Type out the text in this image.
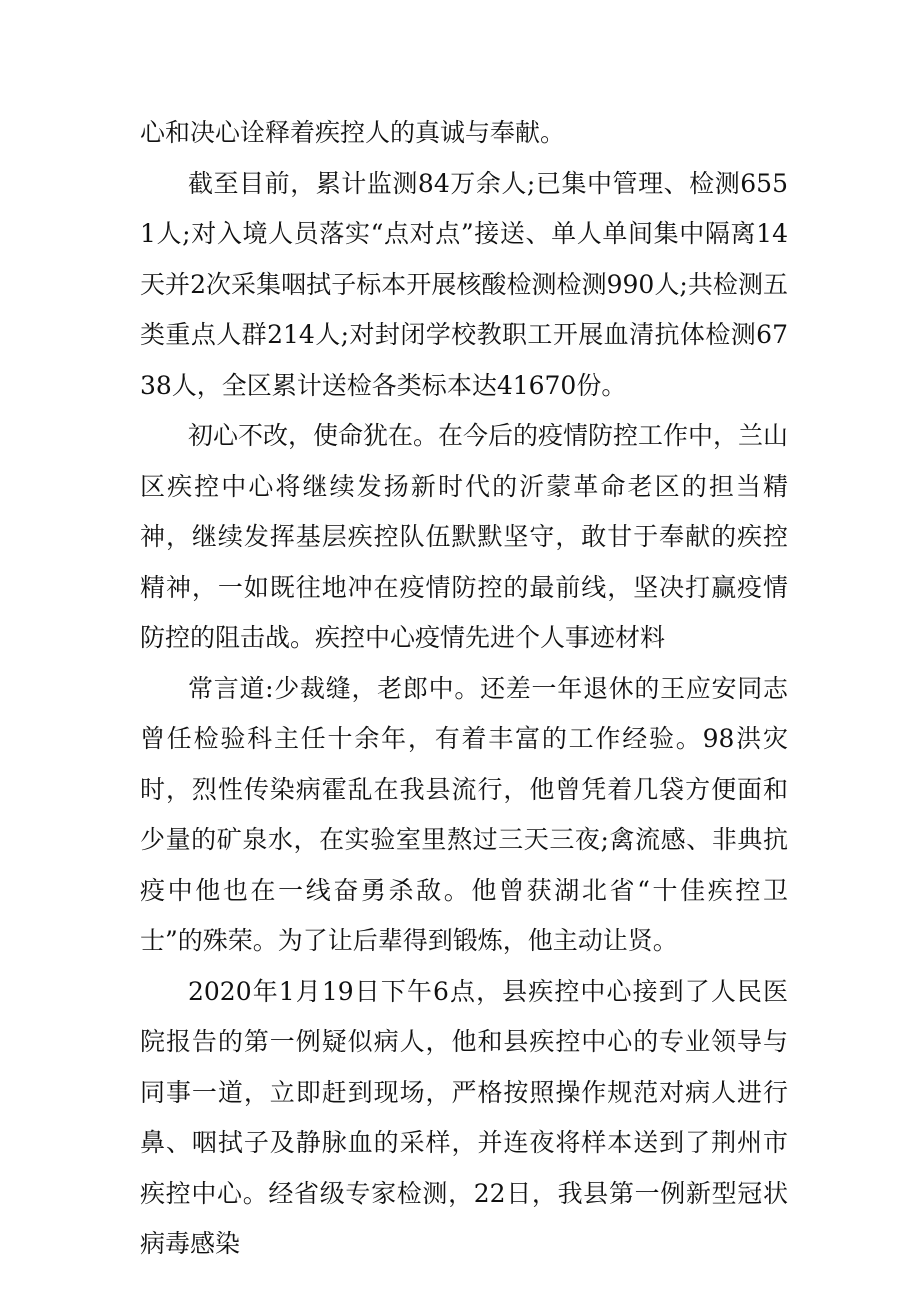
心和决心诠释着疾控人的真诚与奉献。

截至目前，累计监测84万余人;已集中管理、检测6551人;对入境人员落实“点对点”接送、单人单间集中隔离14天并2次采集咽拭子标本开展核酸检测检测990人;共检测五类重点人群214人;对封闭学校教职工开展血清抗体检测6738人，全区累计送检各类标本达41670份。

初心不改，使命犹在。在今后的疫情防控工作中，兰山区疾控中心将继续发扬新时代的沂蒙革命老区的担当精神，继续发挥基层疾控队伍默默坚守，敢甘于奉献的疾控精神，一如既往地冲在疫情防控的最前线，坚决打赢疫情防控的阻击战。疾控中心疫情先进个人事迹材料

常言道:少裁缝，老郎中。还差一年退休的王应安同志曾任检验科主任十余年，有着丰富的工作经验。98洪灾时，烈性传染病霍乱在我县流行，他曾凭着几袋方便面和少量的矿泉水，在实验室里熬过三天三夜;禽流感、非典抗疫中他也在一线奋勇杀敌。他曾获湖北省“十佳疾控卫士”的殊荣。为了让后辈得到锻炼，他主动让贤。

2020年1月19日下午6点，县疾控中心接到了人民医院报告的第一例疑似病人，他和县疾控中心的专业领导与同事一道，立即赶到现场，严格按照操作规范对病人进行鼻、咽拭子及静脉血的采样，并连夜将样本送到了荆州市疾控中心。经省级专家检测，22日，我县第一例新型冠状病毒感染
